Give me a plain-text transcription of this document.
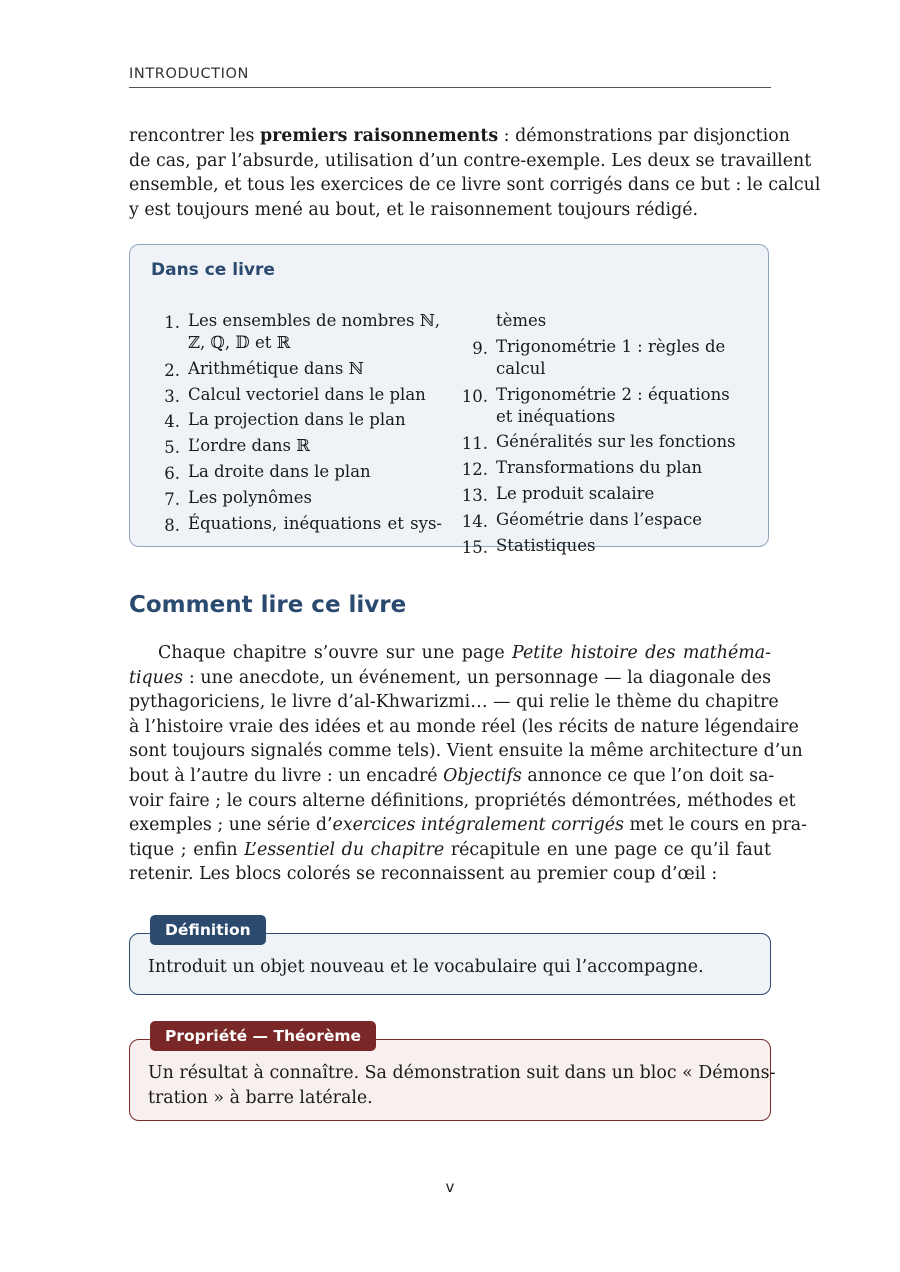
INTRODUCTION
rencontrer les premiers raisonnements : démonstrations par disjonction
de cas, par l’absurde, utilisation d’un contre-exemple. Les deux se travaillent
ensemble, et tous les exercices de ce livre sont corrigés dans ce but : le calcul
y est toujours mené au bout, et le raisonnement toujours rédigé.
Dans ce livre
1. Les ensembles de nombres ℕ, ℤ, ℚ, 𝔻 et ℝ
2. Arithmétique dans ℕ
3. Calcul vectoriel dans le plan
4. La projection dans le plan
5. L’ordre dans ℝ
6. La droite dans le plan
7. Les polynômes
8. Équations, inéquations et sys-
tèmes
9. Trigonométrie 1 : règles de calcul
10. Trigonométrie 2 : équations et inéquations
11. Généralités sur les fonctions
12. Transformations du plan
13. Le produit scalaire
14. Géométrie dans l’espace
15. Statistiques
Comment lire ce livre
Chaque chapitre s’ouvre sur une page Petite histoire des mathéma-
tiques : une anecdote, un événement, un personnage — la diagonale des
pythagoriciens, le livre d’al-Khwarizmi… — qui relie le thème du chapitre
à l’histoire vraie des idées et au monde réel (les récits de nature légendaire
sont toujours signalés comme tels). Vient ensuite la même architecture d’un
bout à l’autre du livre : un encadré Objectifs annonce ce que l’on doit sa-
voir faire ; le cours alterne définitions, propriétés démontrées, méthodes et
exemples ; une série d’exercices intégralement corrigés met le cours en pra-
tique ; enfin L’essentiel du chapitre récapitule en une page ce qu’il faut
retenir. Les blocs colorés se reconnaissent au premier coup d’œil :
Définition
Introduit un objet nouveau et le vocabulaire qui l’accompagne.
Propriété — Théorème
Un résultat à connaître. Sa démonstration suit dans un bloc « Démons-
tration » à barre latérale.
v
